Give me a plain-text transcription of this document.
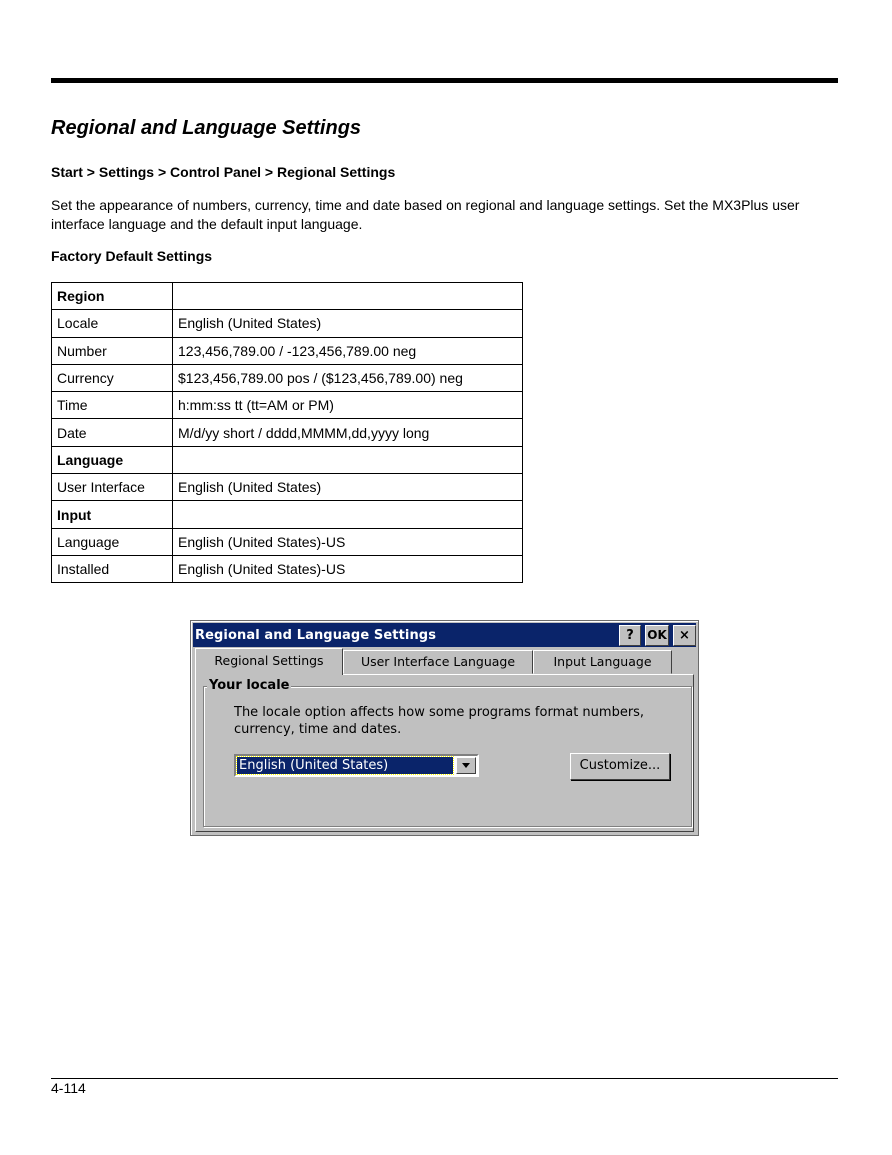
Regional and Language Settings
Start > Settings > Control Panel > Regional Settings

Set the appearance of numbers, currency, time and date based on regional and language settings. Set the MX3Plus user interface language and the default input language.

Factory Default Settings
Region	
Locale	English (United States)
Number	123,456,789.00 / -123,456,789.00 neg
Currency	$123,456,789.00 pos / ($123,456,789.00) neg
Time	h:mm:ss tt (tt=AM or PM)
Date	M/d/yy short / dddd,MMMM,dd,yyyy long
Language	
User Interface	English (United States)
Input	
Language	English (United States)-US
Installed	English (United States)-US
Regional and Language Settings	?	OK ×
Regional Settings	User Interface Language	Input Language
Your locale

The locale option affects how some programs format numbers, currency, time and dates.

English (United States)	Customize...
4-114
